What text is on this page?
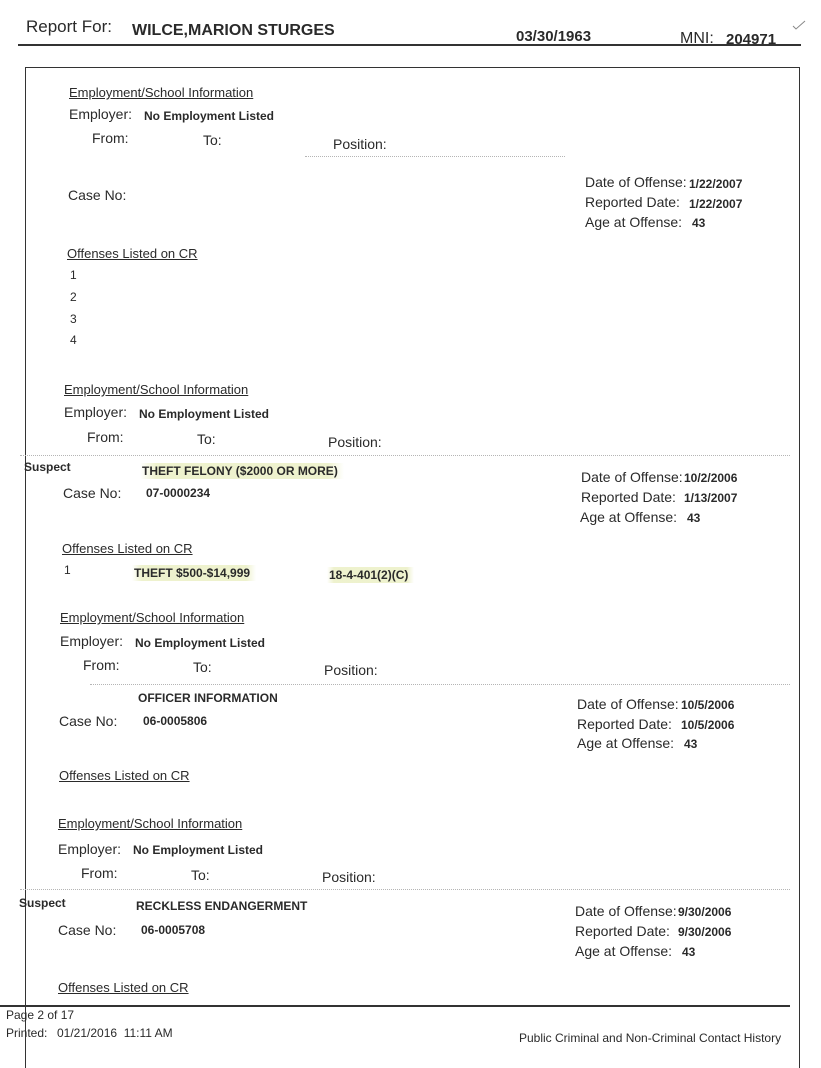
Report For: WILCE,MARION STURGES	03/30/1963	MNI: 204971
Employment/School Information
Employer: No Employment Listed
From:	To:	Position:
Case No:
Date of Offense: 1/22/2007
Reported Date: 1/22/2007
Age at Offense: 43
Offenses Listed on CR
1
2
3
4
Employment/School Information
Employer: No Employment Listed
From:	To:	Position:
Suspect	THEFT FELONY ($2000 OR MORE)
Case No: 07-0000234
Date of Offense: 10/2/2006
Reported Date: 1/13/2007
Age at Offense: 43
Offenses Listed on CR
1	THEFT $500-$14,999	18-4-401(2)(C)
Employment/School Information
Employer: No Employment Listed
From:	To:	Position:
OFFICER INFORMATION
Case No: 06-0005806
Date of Offense: 10/5/2006
Reported Date: 10/5/2006
Age at Offense: 43
Offenses Listed on CR
Employment/School Information
Employer: No Employment Listed
From:	To:	Position:
Suspect	RECKLESS ENDANGERMENT
Case No: 06-0005708
Date of Offense: 9/30/2006
Reported Date: 9/30/2006
Age at Offense: 43
Offenses Listed on CR
Page 2 of 17
Printed: 01/21/2016  11:11 AM	Public Criminal and Non-Criminal Contact History
